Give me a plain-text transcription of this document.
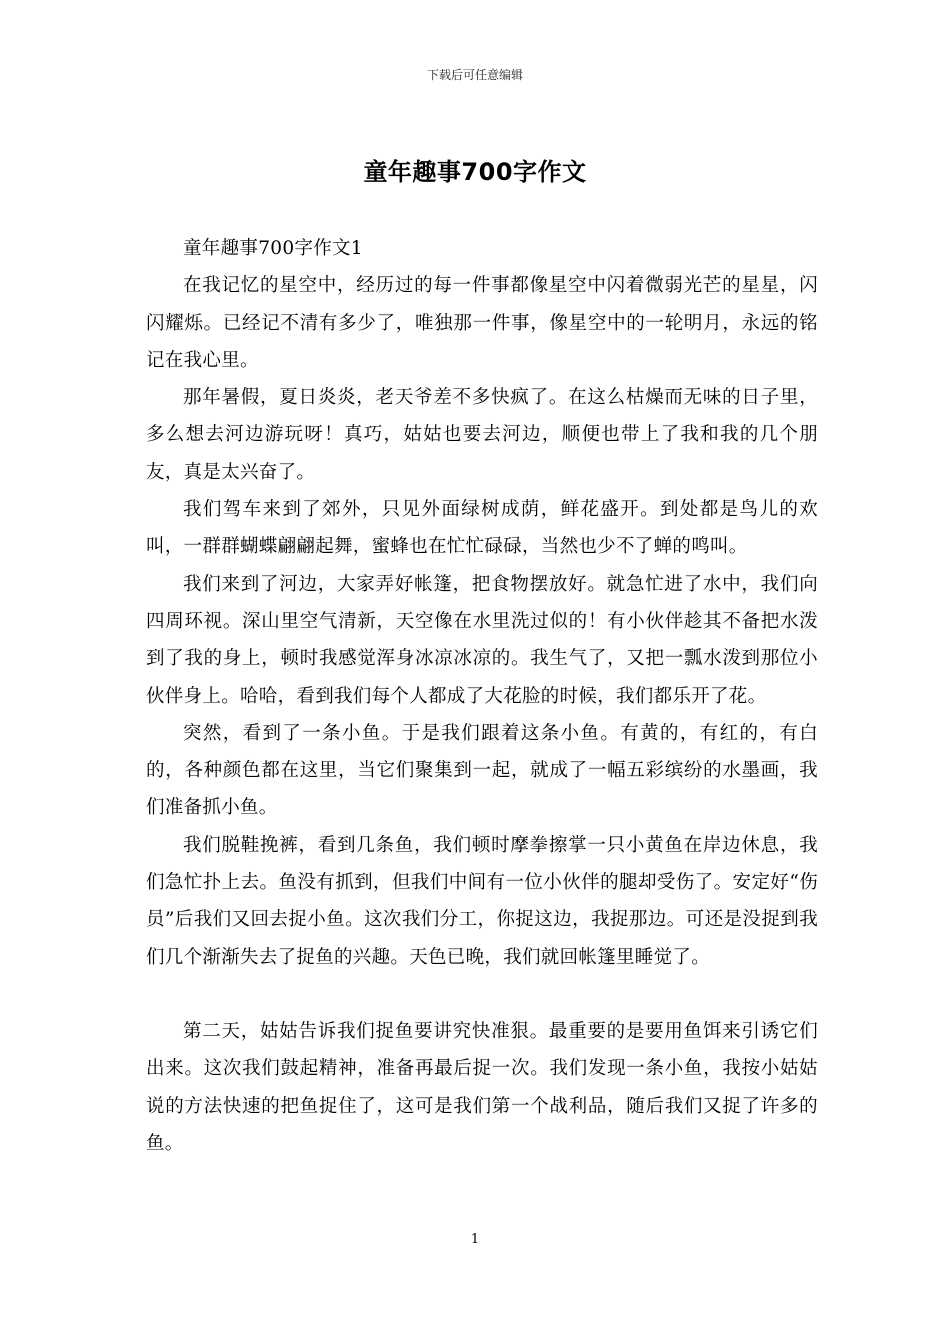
下载后可任意编辑
童年趣事700字作文

童年趣事700字作文1

在我记忆的星空中，经历过的每一件事都像星空中闪着微弱光芒的星星，闪闪耀烁。已经记不清有多少了，唯独那一件事，像星空中的一轮明月，永远的铭记在我心里。

那年暑假，夏日炎炎，老天爷差不多快疯了。在这么枯燥而无味的日子里，多么想去河边游玩呀！真巧，姑姑也要去河边，顺便也带上了我和我的几个朋友，真是太兴奋了。

我们驾车来到了郊外，只见外面绿树成荫，鲜花盛开。到处都是鸟儿的欢叫，一群群蝴蝶翩翩起舞，蜜蜂也在忙忙碌碌，当然也少不了蝉的鸣叫。

我们来到了河边，大家弄好帐篷，把食物摆放好。就急忙进了水中，我们向四周环视。深山里空气清新，天空像在水里洗过似的！有小伙伴趁其不备把水泼到了我的身上，顿时我感觉浑身冰凉冰凉的。我生气了，又把一瓢水泼到那位小伙伴身上。哈哈，看到我们每个人都成了大花脸的时候，我们都乐开了花。

突然，看到了一条小鱼。于是我们跟着这条小鱼。有黄的，有红的，有白的，各种颜色都在这里，当它们聚集到一起，就成了一幅五彩缤纷的水墨画，我们准备抓小鱼。

我们脱鞋挽裤，看到几条鱼，我们顿时摩拳擦掌一只小黄鱼在岸边休息，我们急忙扑上去。鱼没有抓到，但我们中间有一位小伙伴的腿却受伤了。安定好“伤员”后我们又回去捉小鱼。这次我们分工，你捉这边，我捉那边。可还是没捉到我们几个渐渐失去了捉鱼的兴趣。天色已晚，我们就回帐篷里睡觉了。

第二天，姑姑告诉我们捉鱼要讲究快准狠。最重要的是要用鱼饵来引诱它们出来。这次我们鼓起精神，准备再最后捉一次。我们发现一条小鱼，我按小姑姑说的方法快速的把鱼捉住了，这可是我们第一个战利品，随后我们又捉了许多的鱼。

1
